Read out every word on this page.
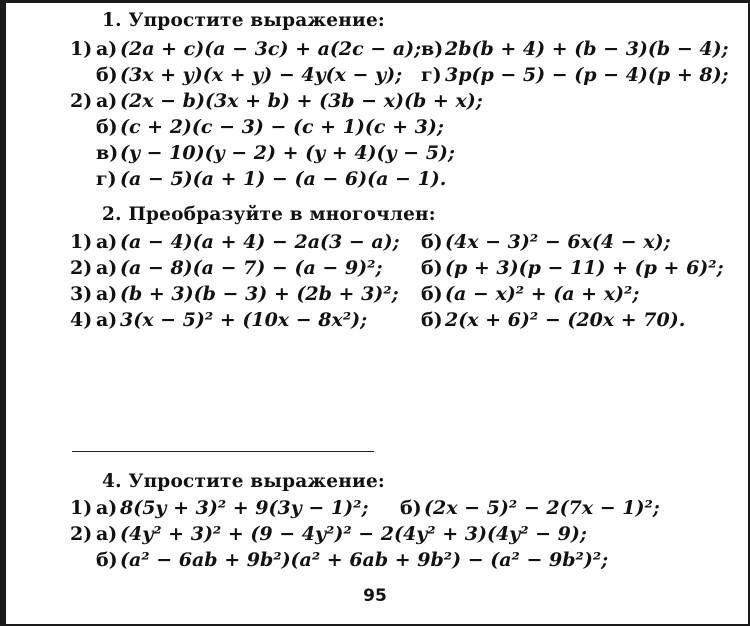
1. Упростите выражение:
1) а) (2a + c)(a − 3c) + a(2c − a); в)2b(b + 4) + (b − 3)(b − 4);
б) (3x + y)(x + y) − 4y(x − y); г) 3p(p − 5) − (p − 4)(p + 8);
2) а) (2x − b)(3x + b) + (3b − x)(b + x);
б) (c + 2)(c − 3) − (c + 1)(c + 3);
в)(y − 10)(y − 2) + (y + 4)(y − 5);
г) (a − 5)(a + 1) − (a − 6)(a − 1).
2. Преобразуйте в многочлен:
1) а) (a − 4)(a + 4) − 2a(3 − a); б) (4x − 3)² − 6x(4 − x);
2) а) (a − 8)(a − 7) − (a − 9)²; б) (p + 3)(p − 11) + (p + 6)²;
3) а) (b + 3)(b − 3) + (2b + 3)²; б) (a − x)² + (a + x)²;
4) а) 3(x − 5)² + (10x − 8x²);	б) 2(x + 6)² − (20x + 70).
4. Упростите выражение:
1) а) 8(5y + 3)² + 9(3y − 1)²; б) (2x − 5)² − 2(7x − 1)²;
2) а) (4y² + 3)² + (9 − 4y²)² − 2(4y² + 3)(4y² − 9);
б) (a² − 6ab + 9b²)(a² + 6ab + 9b²) − (a² − 9b²)²;
95
